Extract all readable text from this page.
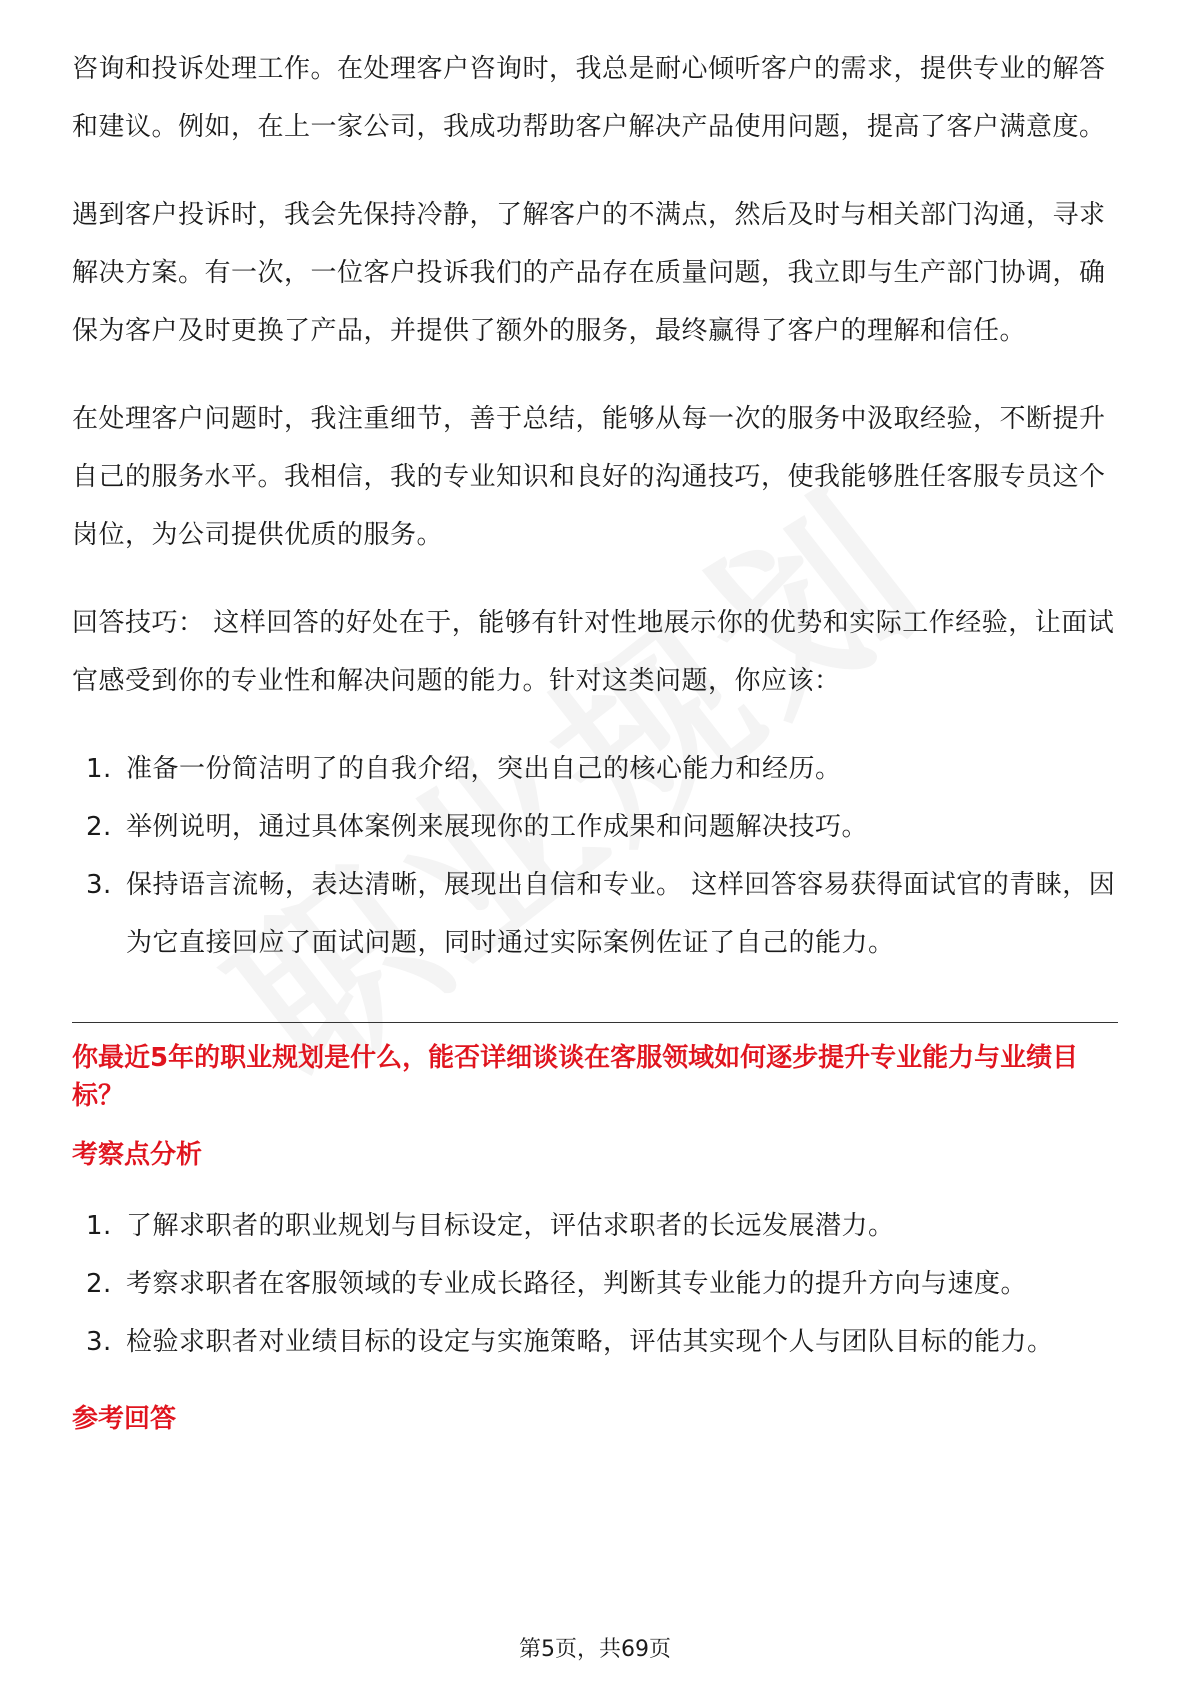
咨询和投诉处理工作。在处理客户咨询时，我总是耐心倾听客户的需求，提供专业的解答和建议。例如，在上一家公司，我成功帮助客户解决产品使用问题，提高了客户满意度。

遇到客户投诉时，我会先保持冷静，了解客户的不满点，然后及时与相关部门沟通，寻求解决方案。有一次，一位客户投诉我们的产品存在质量问题，我立即与生产部门协调，确保为客户及时更换了产品，并提供了额外的服务，最终赢得了客户的理解和信任。

在处理客户问题时，我注重细节，善于总结，能够从每一次的服务中汲取经验，不断提升自己的服务水平。我相信，我的专业知识和良好的沟通技巧，使我能够胜任客服专员这个岗位，为公司提供优质的服务。

回答技巧： 这样回答的好处在于，能够有针对性地展示你的优势和实际工作经验，让面试官感受到你的专业性和解决问题的能力。针对这类问题，你应该：

1. 准备一份简洁明了的自我介绍，突出自己的核心能力和经历。
2. 举例说明，通过具体案例来展现你的工作成果和问题解决技巧。
3. 保持语言流畅，表达清晰，展现出自信和专业。 这样回答容易获得面试官的青睐，因为它直接回应了面试问题，同时通过实际案例佐证了自己的能力。
你最近5年的职业规划是什么，能否详细谈谈在客服领域如何逐步提升专业能力与业绩目标？
考察点分析
1. 了解求职者的职业规划与目标设定，评估求职者的长远发展潜力。
2. 考察求职者在客服领域的专业成长路径，判断其专业能力的提升方向与速度。
3. 检验求职者对业绩目标的设定与实施策略，评估其实现个人与团队目标的能力。
参考回答
第5页，共69页
